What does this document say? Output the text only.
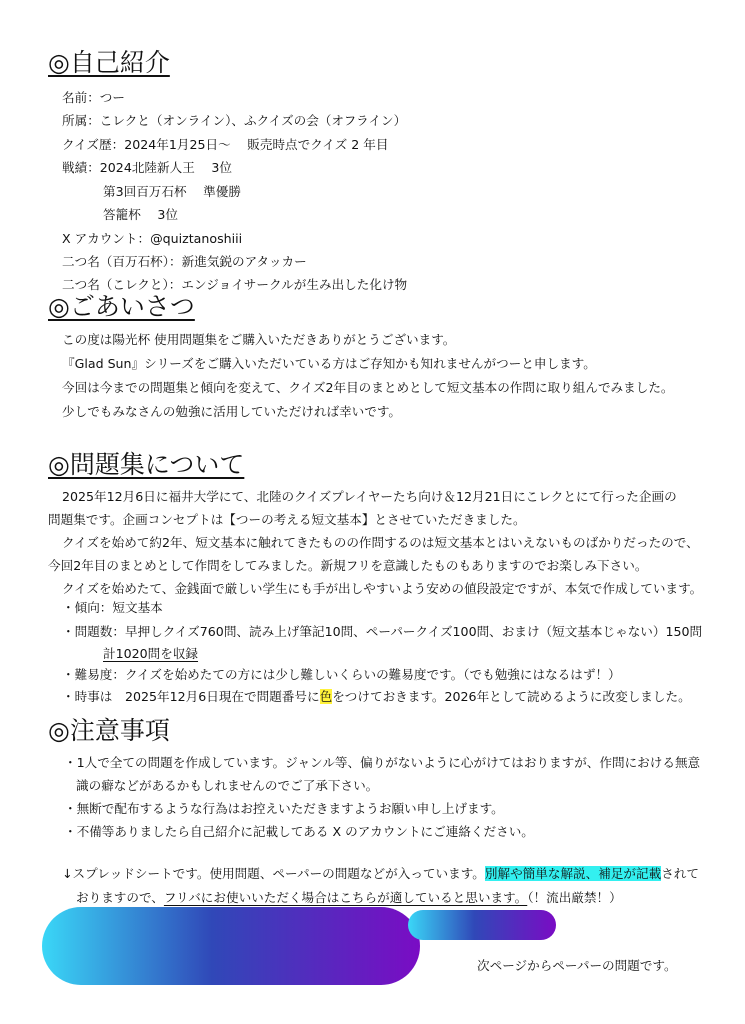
◎自己紹介
名前：つー
所属：こレクと（オンライン）、ふクイズの会（オフライン）
クイズ歴：2024年1月25日～　 販売時点でクイズ 2 年目
戦績：2024北陸新人王　 3位
第3回百万石杯　 準優勝
答籠杯　 3位
X アカウント：@quiztanoshiii
二つ名（百万石杯）：新進気鋭のアタッカー
二つ名（こレクと）：エンジョイサークルが生み出した化け物
◎ごあいさつ
この度は陽光杯 使用問題集をご購入いただきありがとうございます。
『Glad Sun』シリーズをご購入いただいている方はご存知かも知れませんがつーと申します。
今回は今までの問題集と傾向を変えて、クイズ2年目のまとめとして短文基本の作問に取り組んでみました。
少しでもみなさんの勉強に活用していただければ幸いです。
◎問題集について
2025年12月6日に福井大学にて、北陸のクイズプレイヤーたち向け＆12月21日にこレクとにて行った企画の
問題集です。企画コンセプトは【つーの考える短文基本】とさせていただきました。
クイズを始めて約2年、短文基本に触れてきたものの作問するのは短文基本とはいえないものばかりだったので、
今回2年目のまとめとして作問をしてみました。新規フリを意識したものもありますのでお楽しみ下さい。
クイズを始めたて、金銭面で厳しい学生にも手が出しやすいよう安めの値段設定ですが、本気で作成しています。
・傾向：短文基本
・問題数：早押しクイズ760問、読み上げ筆記10問、ペーパークイズ100問、おまけ（短文基本じゃない）150問
計1020問を収録
・難易度：クイズを始めたての方には少し難しいくらいの難易度です。（でも勉強にはなるはず！）
・時事は　2025年12月6日現在で問題番号に色をつけておきます。2026年として読めるように改変しました。
◎注意事項
・1人で全ての問題を作成しています。ジャンル等、偏りがないように心がけてはおりますが、作問における無意
識の癖などがあるかもしれませんのでご了承下さい。
・無断で配布するような行為はお控えいただきますようお願い申し上げます。
・不備等ありましたら自己紹介に記載してある X のアカウントにご連絡ください。
↓スプレッドシートです。使用問題、ペーパーの問題などが入っています。別解や簡単な解説、補足が記載されて
おりますので、フリバにお使いいただく場合はこちらが適していると思います。（！流出厳禁！）
次ページからペーパーの問題です。
